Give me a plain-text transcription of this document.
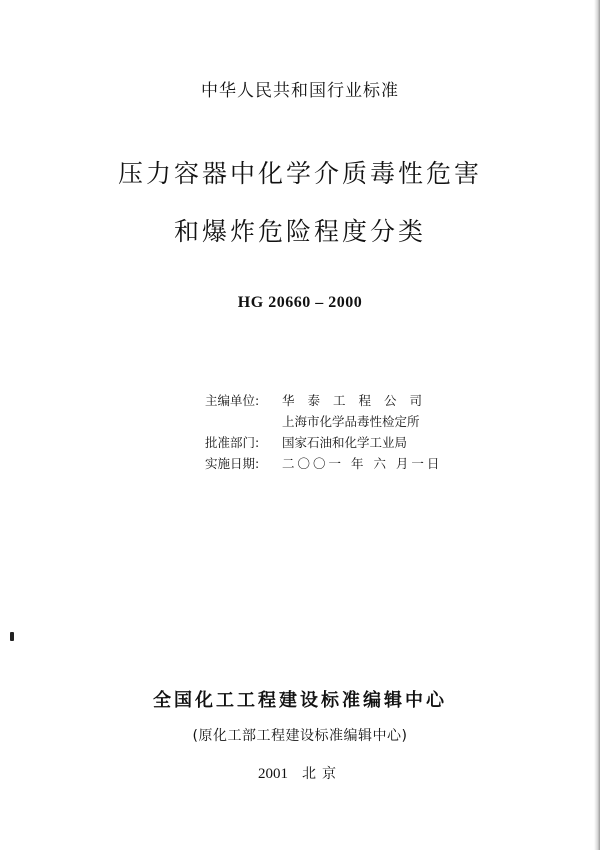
中华人民共和国行业标准
压力容器中化学介质毒性危害
和爆炸危险程度分类
HG 20660 – 2000
主编单位:	华泰工程公司
上海市化学品毒性检定所
批准部门:	国家石油和化学工业局
实施日期:	二〇〇一 年 六 月一日
全国化工工程建设标准编辑中心
(原化工部工程建设标准编辑中心)
2001 北京
